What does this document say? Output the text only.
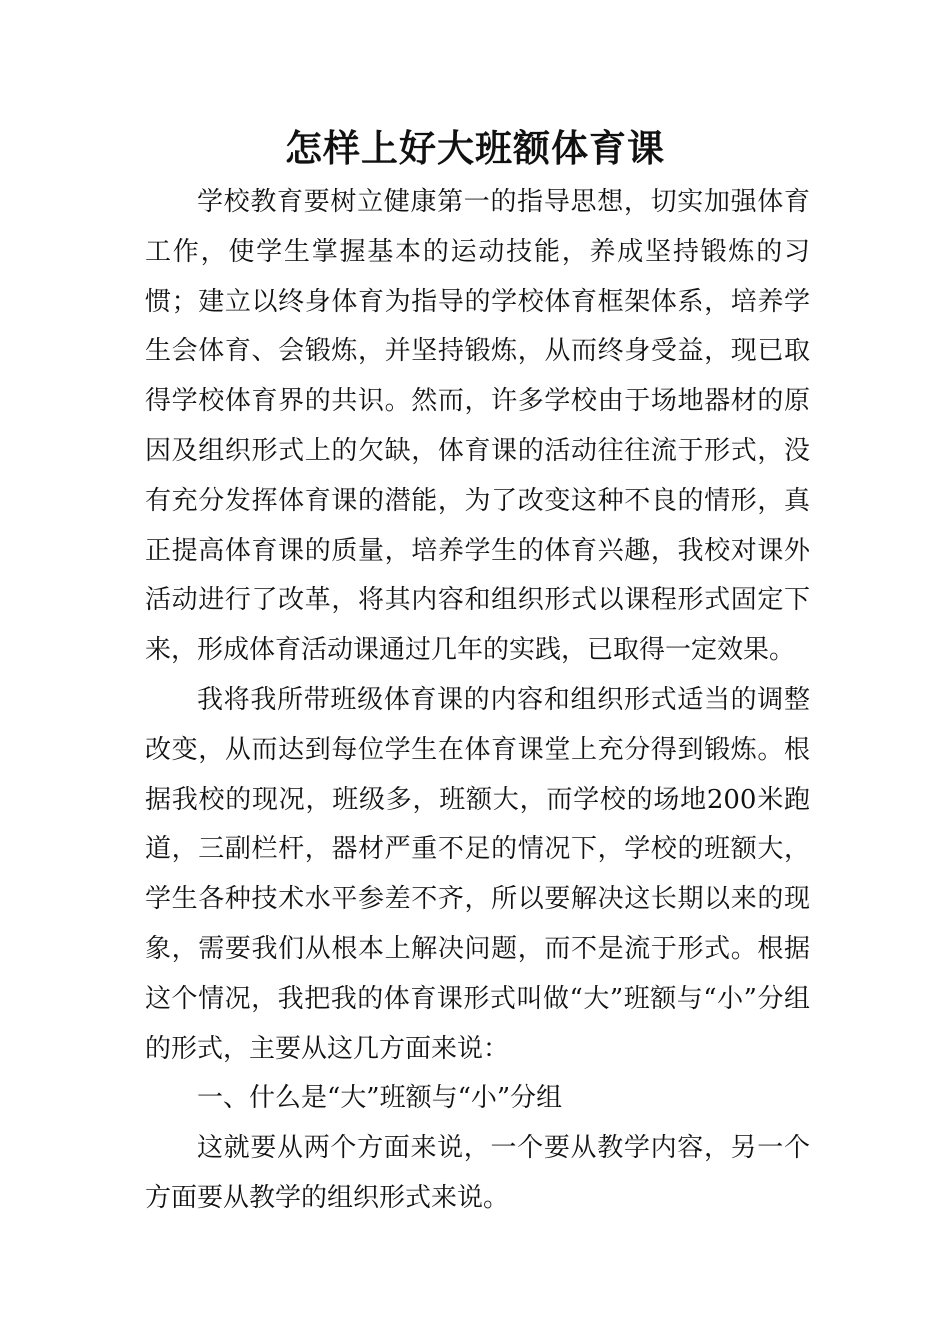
怎样上好大班额体育课

学校教育要树立健康第一的指导思想，切实加强体育工作，使学生掌握基本的运动技能，养成坚持锻炼的习惯；建立以终身体育为指导的学校体育框架体系，培养学生会体育、会锻炼，并坚持锻炼，从而终身受益，现已取得学校体育界的共识。然而，许多学校由于场地器材的原因及组织形式上的欠缺，体育课的活动往往流于形式，没有充分发挥体育课的潜能，为了改变这种不良的情形，真正提高体育课的质量，培养学生的体育兴趣，我校对课外活动进行了改革，将其内容和组织形式以课程形式固定下来，形成体育活动课通过几年的实践，已取得一定效果。

我将我所带班级体育课的内容和组织形式适当的调整改变，从而达到每位学生在体育课堂上充分得到锻炼。根据我校的现况，班级多，班额大，而学校的场地200米跑道，三副栏杆，器材严重不足的情况下，学校的班额大，学生各种技术水平参差不齐，所以要解决这长期以来的现象，需要我们从根本上解决问题，而不是流于形式。根据这个情况，我把我的体育课形式叫做“大”班额与“小”分组的形式，主要从这几方面来说：

一、什么是“大”班额与“小”分组

这就要从两个方面来说，一个要从教学内容，另一个方面要从教学的组织形式来说。
